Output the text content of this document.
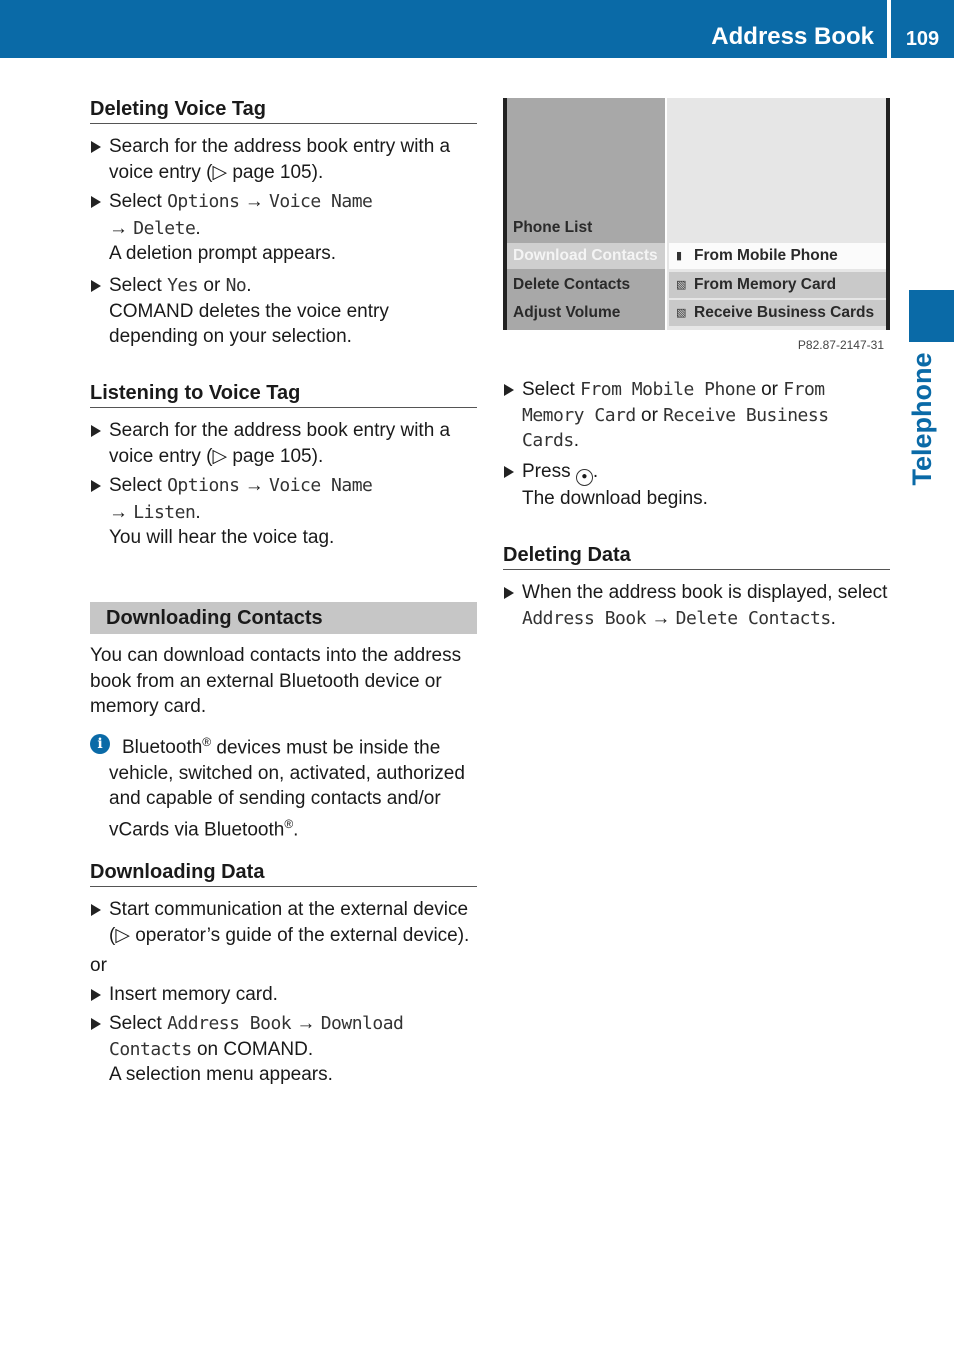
Address Book	109
Telephone
Deleting Voice Tag
Search for the address book entry with a voice entry (▷ page 105).
Select Options → Voice Name
→ Delete.
A deletion prompt appears.
Select Yes or No.
COMAND deletes the voice entry depending on your selection.
Listening to Voice Tag
Search for the address book entry with a voice entry (▷ page 105).
Select Options → Voice Name
→ Listen.
You will hear the voice tag.
Downloading Contacts
You can download contacts into the address book from an external Bluetooth device or memory card.
i	Bluetooth® devices must be inside the vehicle, switched on, activated, authorized and capable of sending contacts and/or vCards via Bluetooth®.
Downloading Data
Start communication at the external device (▷ operator’s guide of the external device).
or
Insert memory card.
Select Address Book → Download Contacts on COMAND.
A selection menu appears.
Phone List
Download Contacts
Delete Contacts
Adjust Volume
▮ From Mobile Phone
▧ From Memory Card
▧ Receive Business Cards
P82.87-2147-31
Select From Mobile Phone or From Memory Card or Receive Business Cards.
Press ● .
The download begins.
Deleting Data
When the address book is displayed, select Address Book → Delete Contacts.
